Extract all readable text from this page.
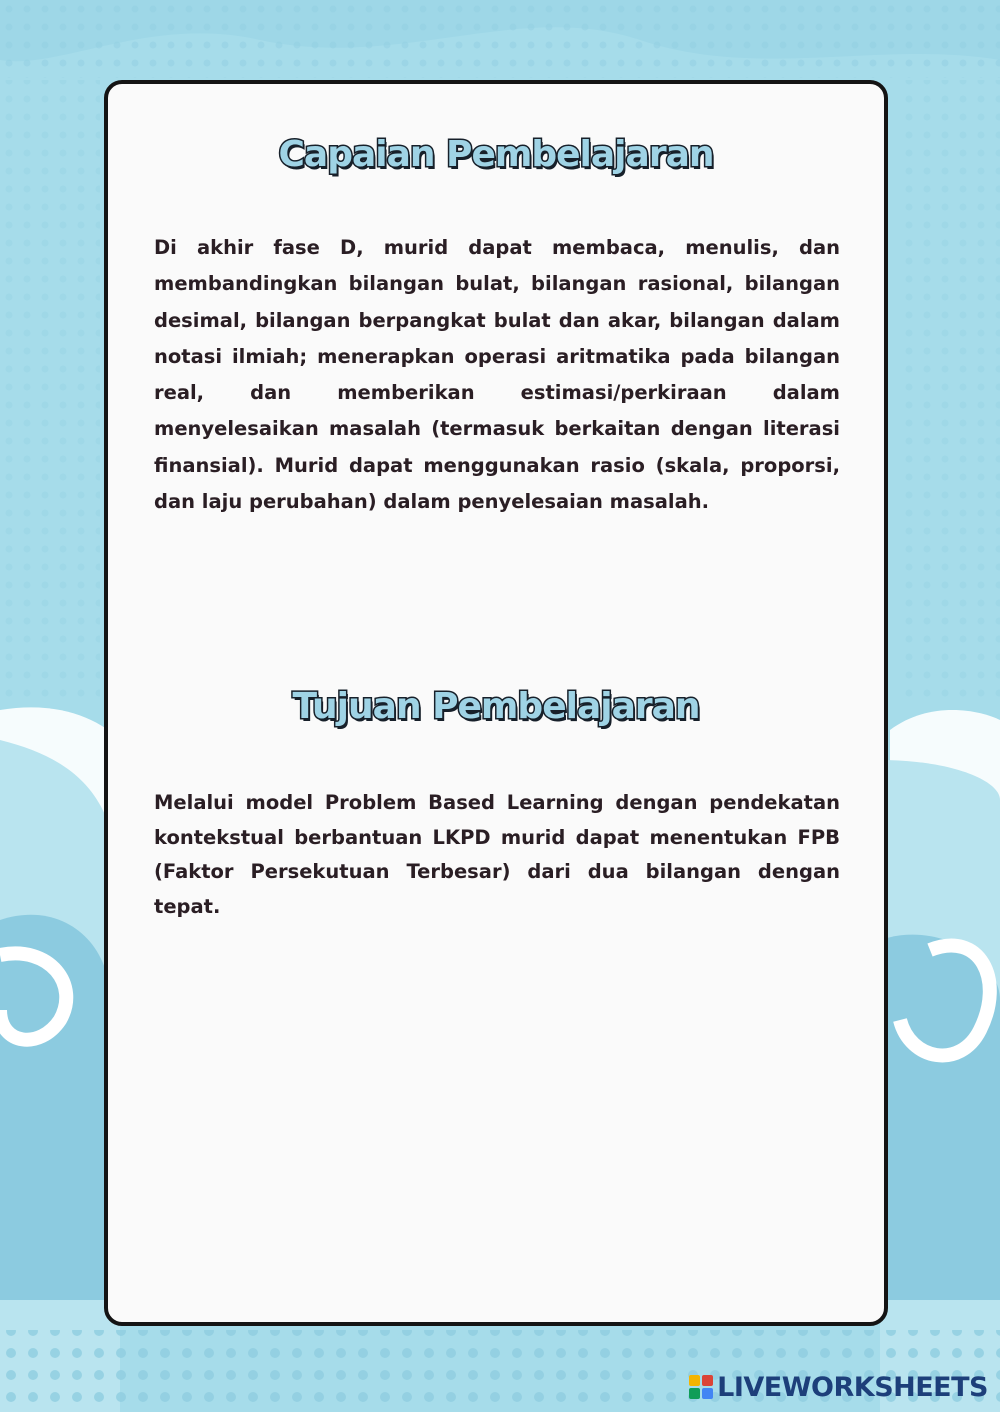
Capaian Pembelajaran
Di akhir fase D, murid dapat membaca, menulis, dan membandingkan bilangan bulat, bilangan rasional, bilangan desimal, bilangan berpangkat bulat dan akar, bilangan dalam notasi ilmiah; menerapkan operasi aritmatika pada bilangan real, dan memberikan estimasi/perkiraan dalam menyelesaikan masalah (termasuk berkaitan dengan literasi finansial). Murid dapat menggunakan rasio (skala, proporsi, dan laju perubahan) dalam penyelesaian masalah.
Tujuan Pembelajaran
Melalui model Problem Based Learning dengan pendekatan kontekstual berbantuan LKPD murid dapat menentukan FPB (Faktor Persekutuan Terbesar) dari dua bilangan dengan tepat.
LIVEWORKSHEETS
